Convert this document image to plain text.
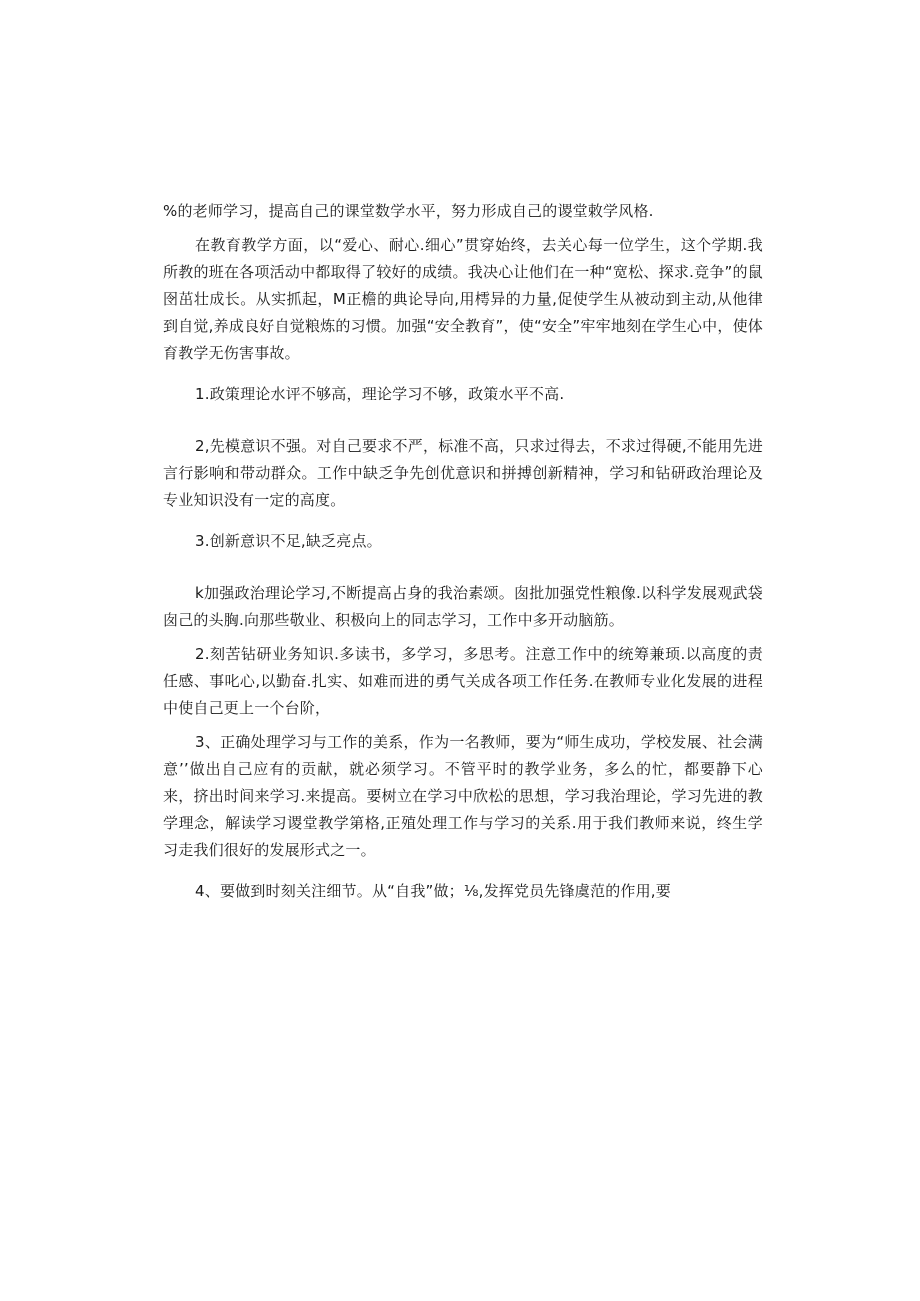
%的老师学习，提高自己的课堂数学水平，努力形成自己的谡堂敕学风格.

在教育教学方面，以“爱心、耐心.细心”贯穿始终，去关心每一位学生，这个学期.我所教的班在各项活动中都取得了较好的成绩。我决心让他们在一种“宽松、探求.竞争”的鼠囹茁壮成长。从实抓起，M正檐的典论导向,用樗异的力量,促使学生从被动到主动,从他律到自觉,养成良好自觉粮炼的习惯。加强“安全教育”，使“安全”牢牢地刻在学生心中，使体育教学无伤害事故。

1.政策理论水评不够高，理论学习不够，政策水平不高.

2,先模意识不强。对自己要求不严，标准不高，只求过得去，不求过得硬,不能用先进言行影响和带动群众。工作中缺乏争先创优意识和拼搏创新精神，学习和钻研政治理论及专业知识没有一定的高度。

3.创新意识不足,缺乏亮点。

k加强政治理论学习,不断提高占身的我治素颂。囱批加强党性粮像.以科学发展观武袋囱己的头胸.向那些敬业、积极向上的同志学习，工作中多开动脑筋。

2.刻苦钻研业务知识.多读书，多学习，多思考。注意工作中的统筹兼顼.以高度的责任感、事叱心,以勤奋.扎实、如难而进的勇气关成各项工作任务.在教师专业化发展的进程中使自己更上一个台阶，

3、正确处理学习与工作的美系，作为一名教师，要为“师生成功，学校发展、社会满意’’做出自己应有的贡献，就必须学习。不管平时的教学业务，多么的忙，都要静下心来，挤出时间来学习.来提高。要树立在学习中欣松的思想，学习我治理论，学习先进的教学理念，解读学习谡堂教学第格,正殖处理工作与学习的关系.用于我们教师来说，终生学习走我们很好的发展形式之一。

4、要做到时刻关注细节。从“自我”做；⅛,发挥党员先锋虞范的作用,要
